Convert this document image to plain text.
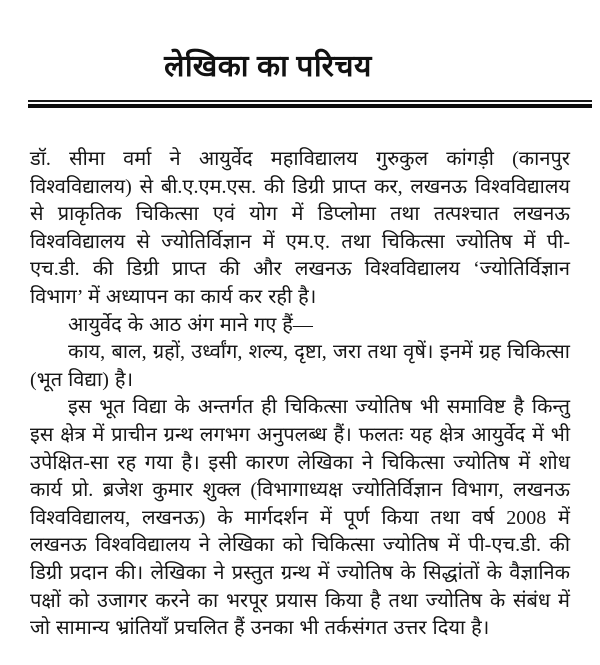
लेखिका का परिचय

डॉ. सीमा वर्मा ने आयुर्वेद महाविद्यालय गुरुकुल कांगड़ी (कानपुर विश्वविद्यालय) से बी.ए.एम.एस. की डिग्री प्राप्त कर, लखनऊ विश्वविद्यालय से प्राकृतिक चिकित्सा एवं योग में डिप्लोमा तथा तत्पश्चात लखनऊ विश्वविद्यालय से ज्योतिर्विज्ञान में एम.ए. तथा चिकित्सा ज्योतिष में पी-एच.डी. की डिग्री प्राप्त की और लखनऊ विश्वविद्यालय ‘ज्योतिर्विज्ञान विभाग’ में अध्यापन का कार्य कर रही है।

आयुर्वेद के आठ अंग माने गए हैं—

काय, बाल, ग्रहों, उर्ध्वांग, शल्य, दृष्टा, जरा तथा वृषें। इनमें ग्रह चिकित्सा (भूत विद्या) है।

इस भूत विद्या के अन्तर्गत ही चिकित्सा ज्योतिष भी समाविष्ट है किन्तु इस क्षेत्र में प्राचीन ग्रन्थ लगभग अनुपलब्ध हैं। फलतः यह क्षेत्र आयुर्वेद में भी उपेक्षित-सा रह गया है। इसी कारण लेखिका ने चिकित्सा ज्योतिष में शोध कार्य प्रो. ब्रजेश कुमार शुक्ल (विभागाध्यक्ष ज्योतिर्विज्ञान विभाग, लखनऊ विश्वविद्यालय, लखनऊ) के मार्गदर्शन में पूर्ण किया तथा वर्ष 2008 में लखनऊ विश्वविद्यालय ने लेखिका को चिकित्सा ज्योतिष में पी-एच.डी. की डिग्री प्रदान की। लेखिका ने प्रस्तुत ग्रन्थ में ज्योतिष के सिद्धांतों के वैज्ञानिक पक्षों को उजागर करने का भरपूर प्रयास किया है तथा ज्योतिष के संबंध में जो सामान्य भ्रांतियाँ प्रचलित हैं उनका भी तर्कसंगत उत्तर दिया है।
